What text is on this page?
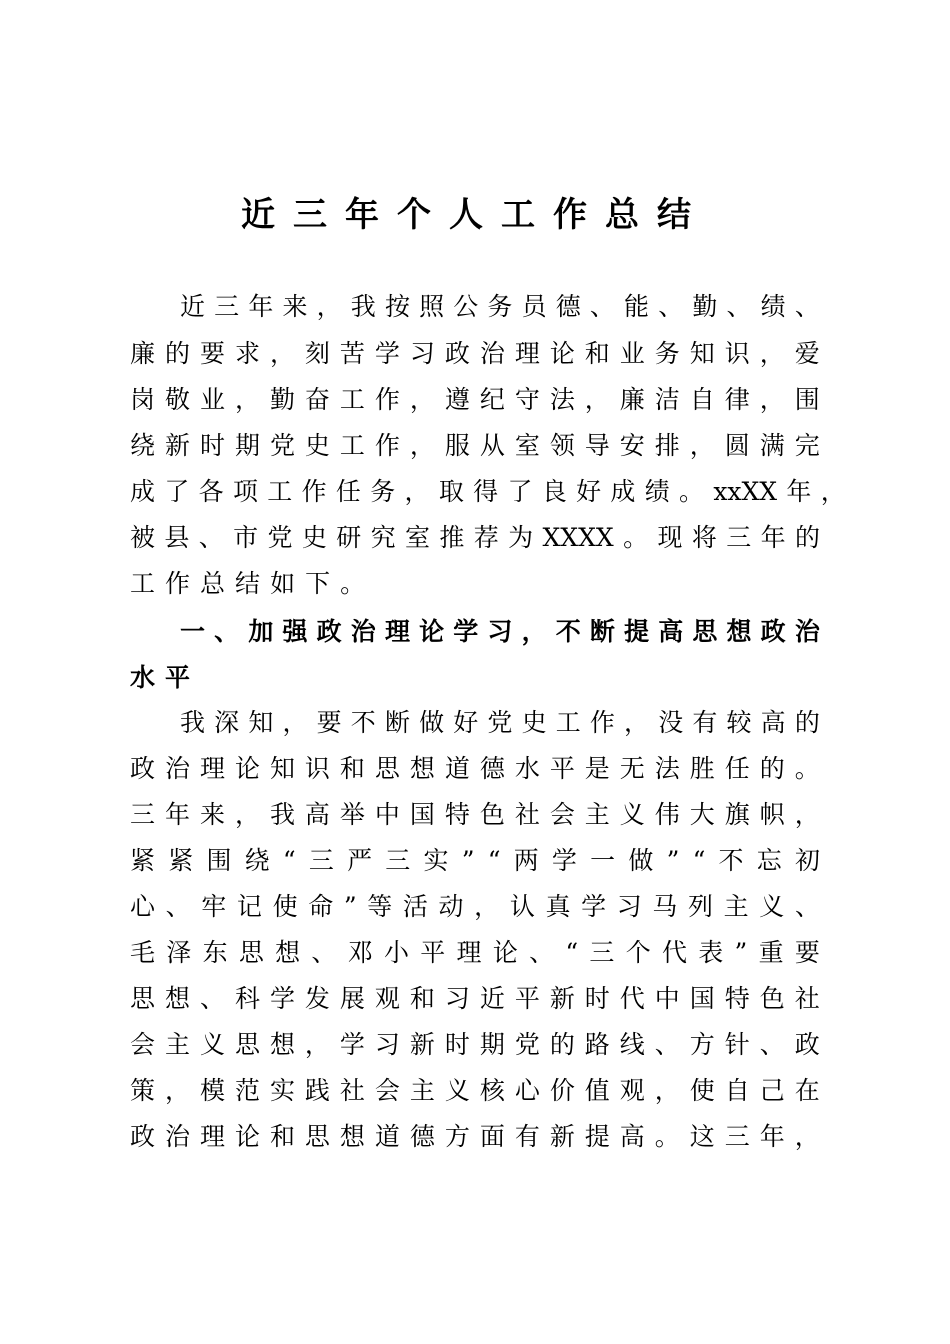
近三年个人工作总结
近 三 年 来 ， 我 按 照 公 务 员 德 、 能 、 勤 、 绩 、
廉 的 要 求 ， 刻 苦 学 习 政 治 理 论 和 业 务 知 识 ， 爱
岗 敬 业 ， 勤 奋 工 作 ， 遵 纪 守 法 ， 廉 洁 自 律 ， 围
绕 新 时 期 党 史 工 作 ， 服 从 室 领 导 安 排 ， 圆 满 完
成 了 各 项 工 作 任 务 ， 取 得 了 良 好 成 绩 。 xxXX 年 ，
被 县 、 市 党 史 研 究 室 推 荐 为 XXXX 。 现 将 三 年 的
工 作 总 结 如 下 。
一 、 加 强 政 治 理 论 学 习 ， 不 断 提 高 思 想 政 治
水 平
我 深 知 ， 要 不 断 做 好 党 史 工 作 ， 没 有 较 高 的
政 治 理 论 知 识 和 思 想 道 德 水 平 是 无 法 胜 任 的 。
三 年 来 ， 我 高 举 中 国 特 色 社 会 主 义 伟 大 旗 帜 ，
紧 紧 围 绕 “ 三 严 三 实 ” “ 两 学 一 做 ” “ 不 忘 初
心 、 牢 记 使 命 ” 等 活 动 ， 认 真 学 习 马 列 主 义 、
毛 泽 东 思 想 、 邓 小 平 理 论 、 “ 三 个 代 表 ” 重 要
思 想 、 科 学 发 展 观 和 习 近 平 新 时 代 中 国 特 色 社
会 主 义 思 想 ， 学 习 新 时 期 党 的 路 线 、 方 针 、 政
策 ， 模 范 实 践 社 会 主 义 核 心 价 值 观 ， 使 自 己 在
政 治 理 论 和 思 想 道 德 方 面 有 新 提 高 。 这 三 年 ，
